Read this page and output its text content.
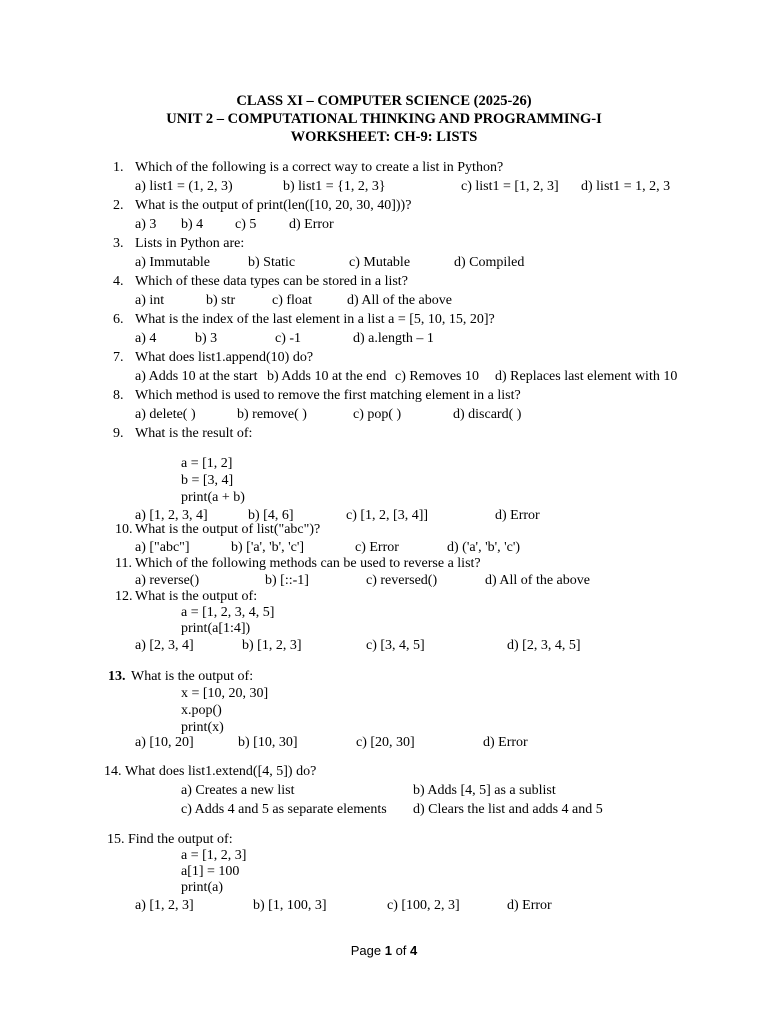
CLASS XI – COMPUTER SCIENCE (2025-26)
UNIT 2 – COMPUTATIONAL THINKING AND PROGRAMMING-I
WORKSHEET: CH-9: LISTS
1. Which of the following is a correct way to create a list in Python?
a) list1 = (1, 2, 3)	b) list1 = {1, 2, 3}	c) list1 = [1, 2, 3] d) list1 = 1, 2, 3
2. What is the output of print(len([10, 20, 30, 40]))?
a) 3 b) 4 c) 5 d) Error
3. Lists in Python are:
a) Immutable	b) Static	c) Mutable	d) Compiled
4. Which of these data types can be stored in a list?
a) int	b) str	c) float d) All of the above
6. What is the index of the last element in a list a = [5, 10, 15, 20]?
a) 4	b) 3	c) -1	d) a.length – 1
7. What does list1.append(10) do?
a) Adds 10 at the start b) Adds 10 at the end c) Removes 10 d) Replaces last element with 10
8. Which method is used to remove the first matching element in a list?
a) delete( )	b) remove( )	c) pop( )	d) discard( )
9. What is the result of:
a = [1, 2]
b = [3, 4]
print(a + b)
a) [1, 2, 3, 4]	b) [4, 6]	c) [1, 2, [3, 4]]	d) Error
10. What is the output of list("abc")?
a) ["abc"]	b) ['a', 'b', 'c']	c) Error	d) ('a', 'b', 'c')
11. Which of the following methods can be used to reverse a list?
a) reverse()	b) [::-1]	c) reversed()	d) All of the above
12. What is the output of:
a = [1, 2, 3, 4, 5]
print(a[1:4])
a) [2, 3, 4]	b) [1, 2, 3]	c) [3, 4, 5]	d) [2, 3, 4, 5]
13. What is the output of:
x = [10, 20, 30]
x.pop()
print(x)
a) [10, 20]	b) [10, 30]	c) [20, 30]	d) Error
14. What does list1.extend([4, 5]) do?
a) Creates a new list	b) Adds [4, 5] as a sublist
c) Adds 4 and 5 as separate elements d) Clears the list and adds 4 and 5
15. Find the output of:
a = [1, 2, 3]
a[1] = 100
print(a)
a) [1, 2, 3]	b) [1, 100, 3]	c) [100, 2, 3]	d) Error
Page 1 of 4
